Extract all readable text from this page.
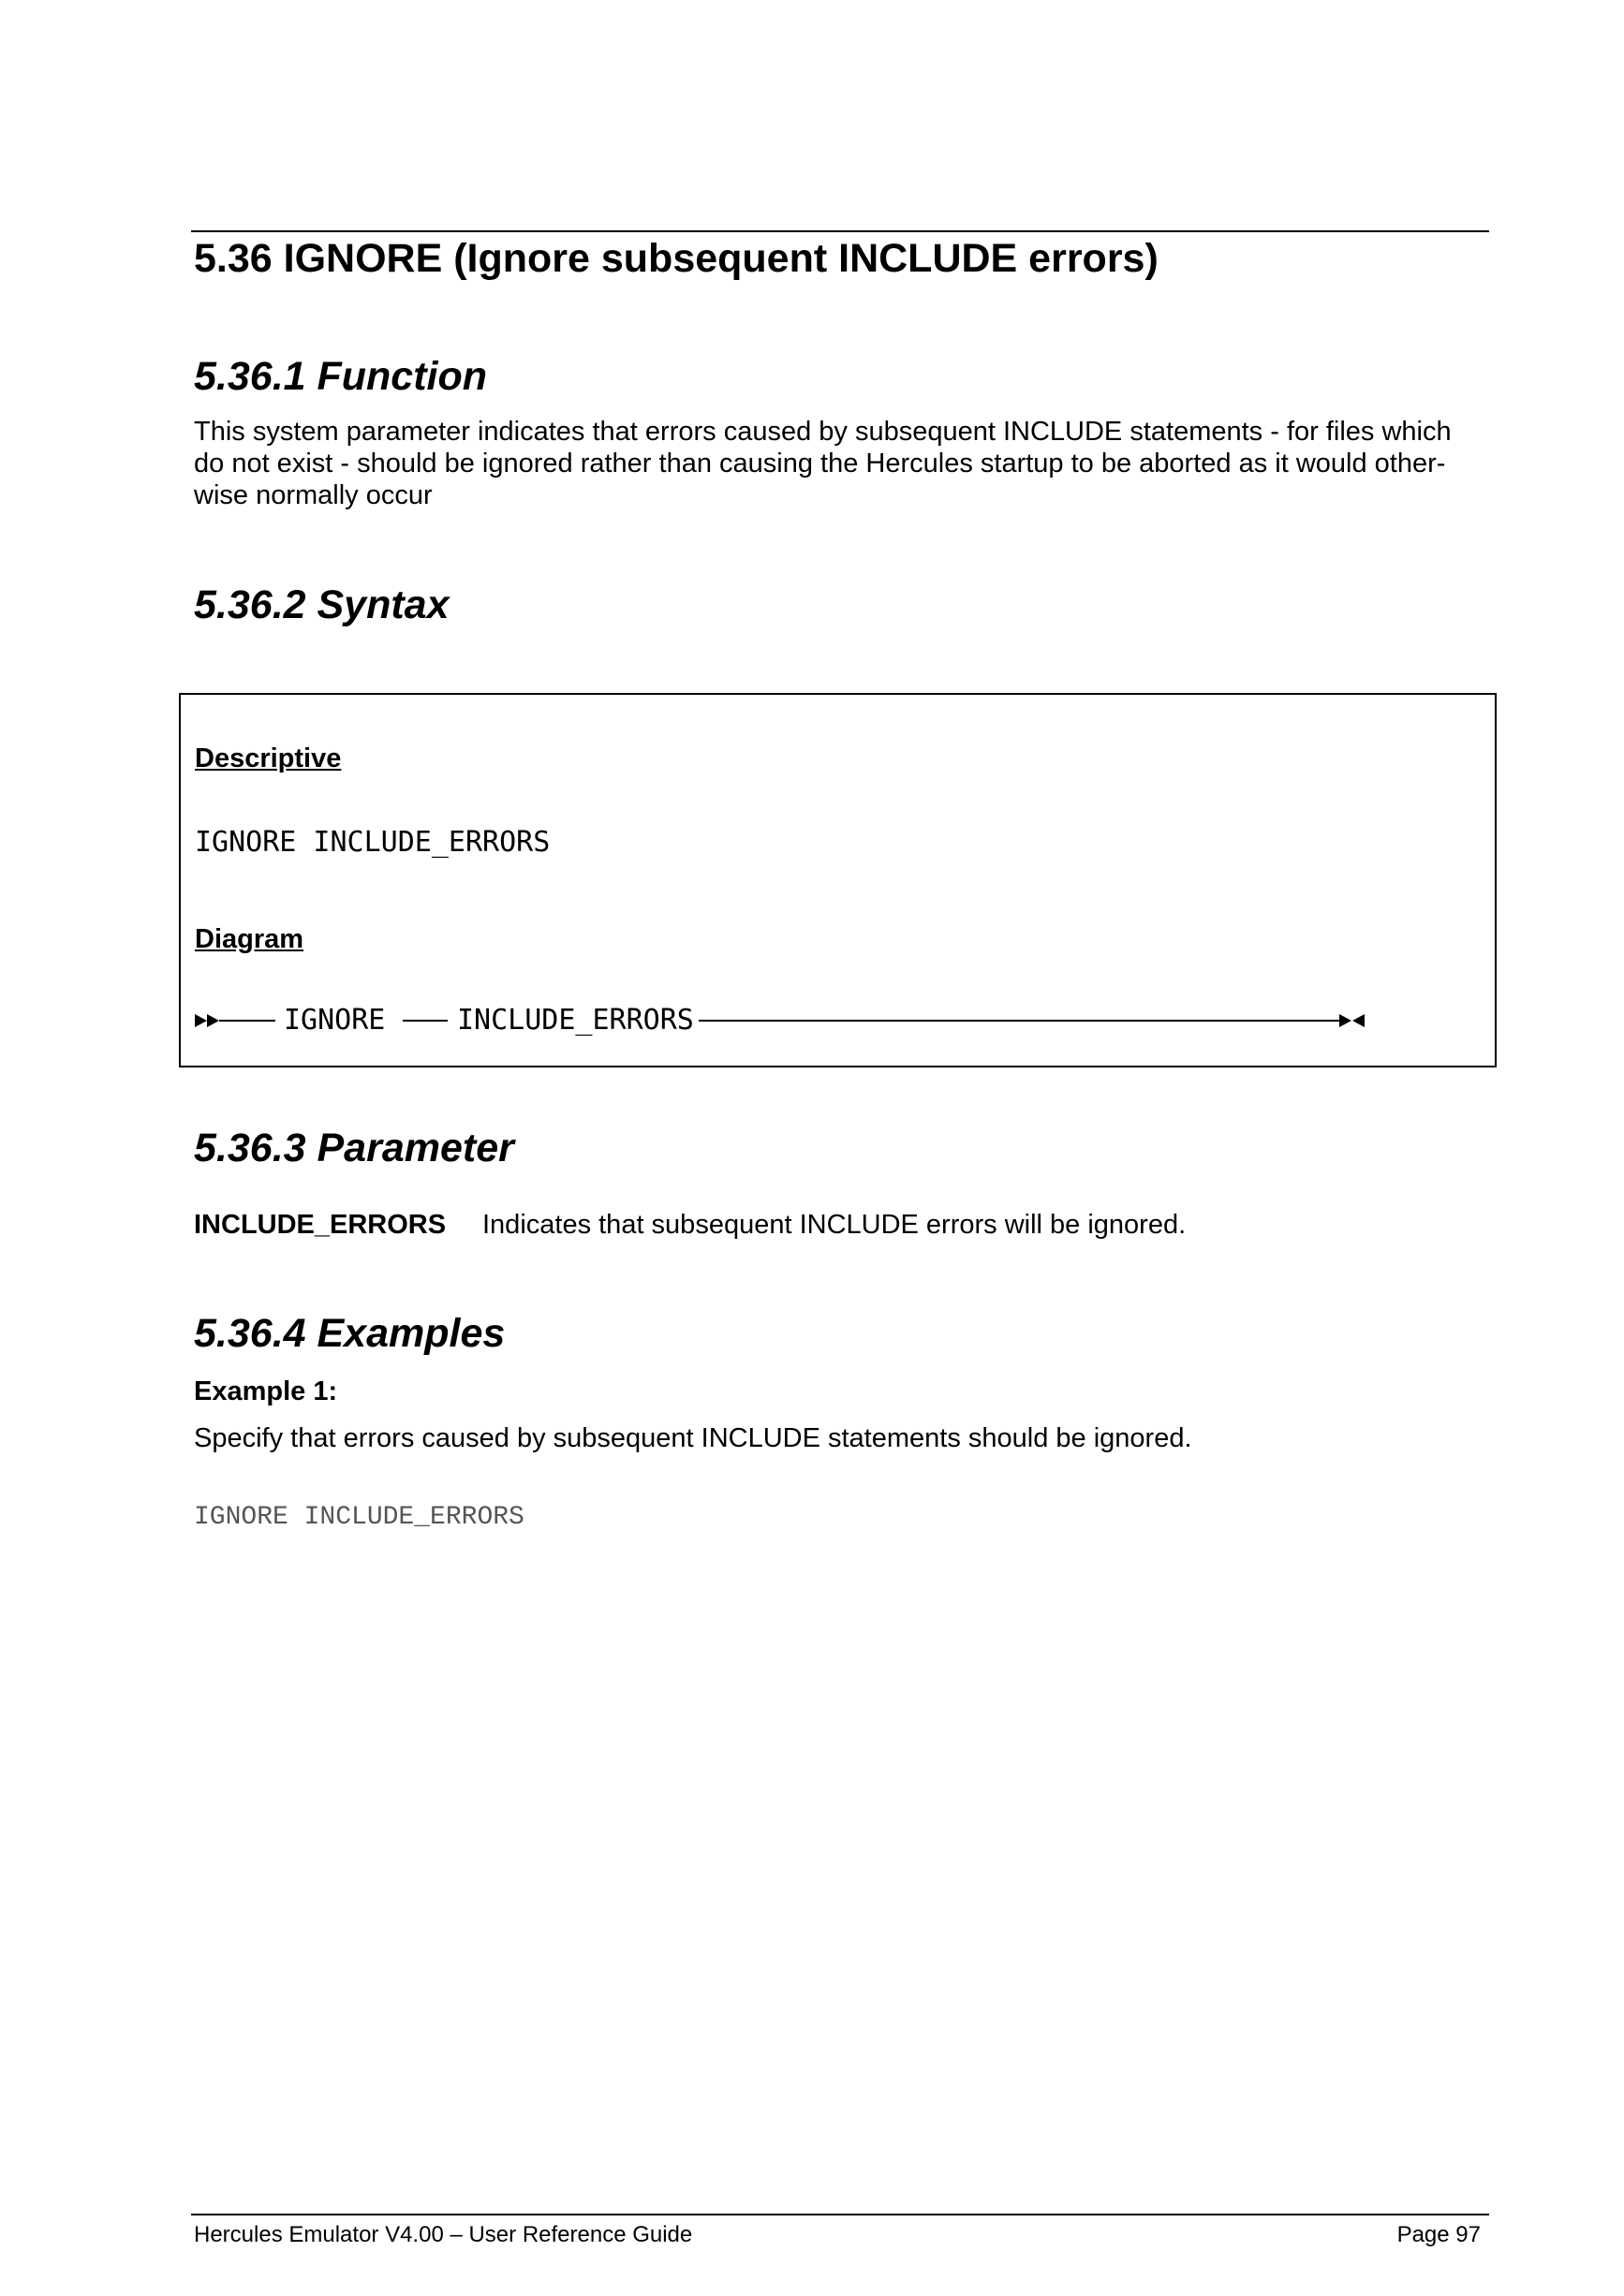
5.36 IGNORE (Ignore subsequent INCLUDE errors)
5.36.1 Function
This system parameter indicates that errors caused by subsequent INCLUDE statements - for files which
do not exist - should be ignored rather than causing the Hercules startup to be aborted as it would other-
wise normally occur
5.36.2 Syntax
Descriptive
IGNORE INCLUDE_ERRORS
Diagram
IGNORE	INCLUDE_ERRORS
5.36.3 Parameter
INCLUDE_ERRORS Indicates that subsequent INCLUDE errors will be ignored.
5.36.4 Examples
Example 1:
Specify that errors caused by subsequent INCLUDE statements should be ignored.
IGNORE INCLUDE_ERRORS
Hercules Emulator V4.00 – User Reference Guide	Page 97
